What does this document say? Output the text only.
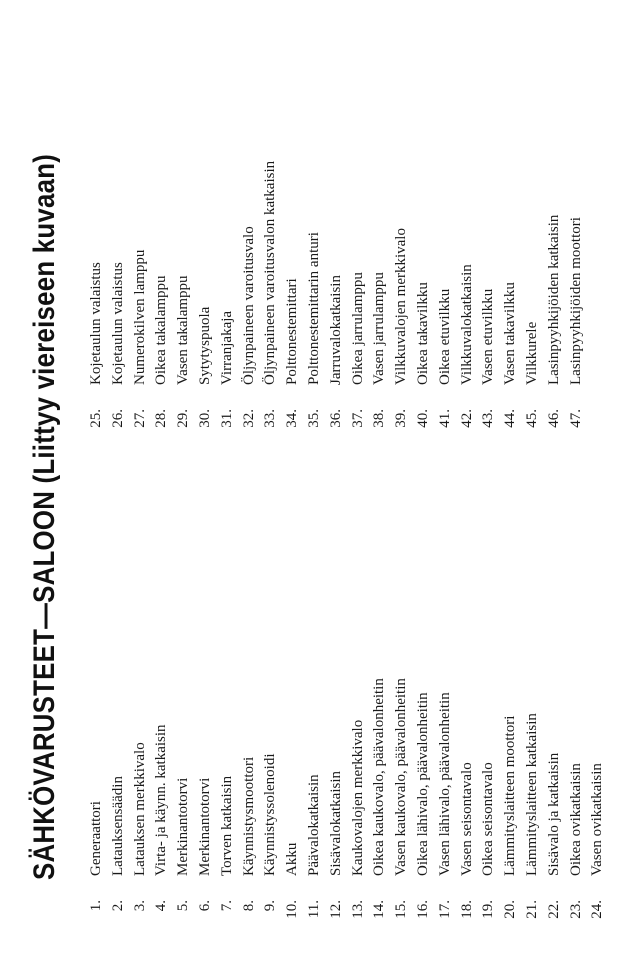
SÄHKÖVARUSTEET—SALOON (Liittyy viereiseen kuvaan)
1.Generaattori
2.Latauksensäädin
3.Latauksen merkkivalo
4.Virta- ja käynn. katkaisin
5.Merkinantotorvi
6.Merkinantotorvi
7.Torven katkaisin
8.Käynnistysmoottori
9.Käynnistyssolenoidi
10.Akku
11.Päävalokatkaisin
12.Sisävalokatkaisin
13.Kaukovalojen merkkivalo
14.Oikea kaukovalo, päävalonheitin
15.Vasen kaukovalo, päävalonheitin
16.Oikea lähivalo, päävalonheitin
17.Vasen lähivalo, päävalonheitin
18.Vasen seisontavalo
19.Oikea seisontavalo
20.Lämmityslaitteen moottori
21.Lämmityslaitteen katkaisin
22.Sisävalo ja katkaisin
23.Oikea ovikatkaisin
24.Vasen ovikatkaisin
25.Kojetaulun valaistus
26.Kojetaulun valaistus
27.Numerokilven lamppu
28.Oikea takalamppu
29.Vasen takalamppu
30.Sytytyspuola
31.Virranjakaja
32.Öljynpaineen varoitusvalo
33.Öljynpaineen varoitusvalon katkaisin
34.Polttonestemittari
35.Polttonestemittarin anturi
36.Jarruvalokatkaisin
37.Oikea jarrulamppu
38.Vasen jarrulamppu
39.Vilkkuvalojen merkkivalo
40.Oikea takavilkku
41.Oikea etuvilkku
42.Vilkkuvalokatkaisin
43.Vasen etuvilkku
44.Vasen takavilkku
45.Vilkkurele
46.Lasinpyyhkijöiden katkaisin
47.Lasinpyyhkijöiden moottori
